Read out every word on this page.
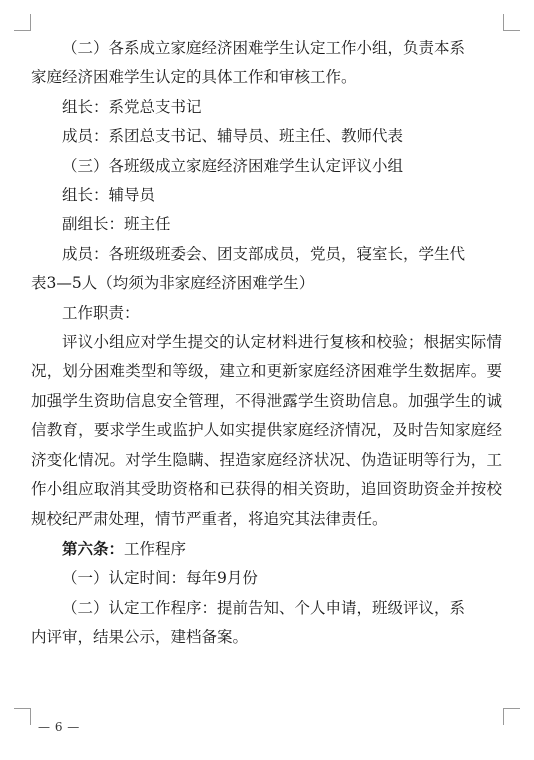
（二）各系成立家庭经济困难学生认定工作小组，负责本系
家庭经济困难学生认定的具体工作和审核工作。

组长：系党总支书记

成员：系团总支书记、辅导员、班主任、教师代表

（三）各班级成立家庭经济困难学生认定评议小组

组长：辅导员

副组长：班主任

成员：各班级班委会、团支部成员，党员，寝室长，学生代
表3—5人（均须为非家庭经济困难学生）

工作职责：

评议小组应对学生提交的认定材料进行复核和校验；根据实际情况，划分困难类型和等级，建立和更新家庭经济困难学生数据库。要加强学生资助信息安全管理，不得泄露学生资助信息。加强学生的诚信教育，要求学生或监护人如实提供家庭经济情况，及时告知家庭经济变化情况。对学生隐瞒、捏造家庭经济状况、伪造证明等行为，工作小组应取消其受助资格和已获得的相关资助，追回资助资金并按校规校纪严肃处理，情节严重者，将追究其法律责任。

第六条：工作程序

（一）认定时间：每年9月份

（二）认定工作程序：提前告知、个人申请，班级评议，系
内评审，结果公示，建档备案。

— 6 —
